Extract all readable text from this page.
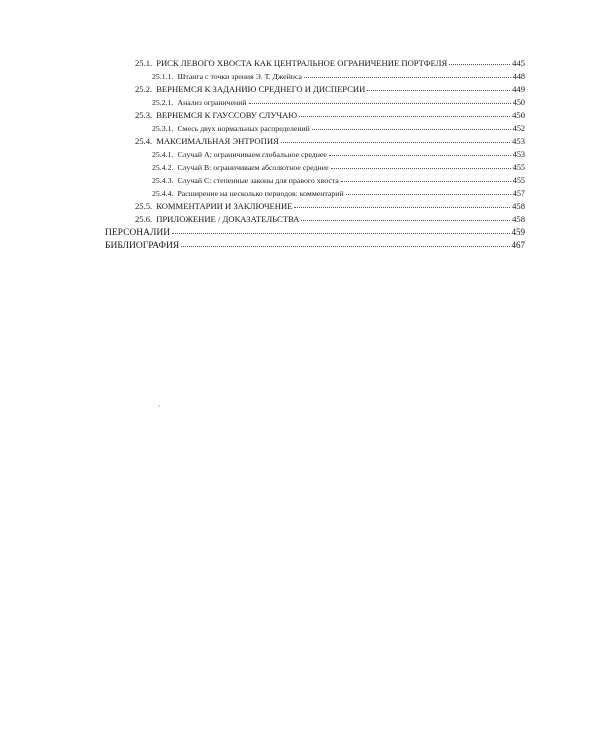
25.1. РИСК ЛЕВОГО ХВОСТА КАК ЦЕНТРАЛЬНОЕ ОГРАНИЧЕНИЕ ПОРТФЕЛЯ	445
25.1.1. Штанга с точки зрения Э. Т. Джейнса	448
25.2. ВЕРНЕМСЯ К ЗАДАНИЮ СРЕДНЕГО И ДИСПЕРСИИ	449
25.2.1. Анализ ограничений	450
25.3. ВЕРНЕМСЯ К ГАУССОВУ СЛУЧАЮ	450
25.3.1. Смесь двух нормальных распределений	452
25.4. МАКСИМАЛЬНАЯ ЭНТРОПИЯ	453
25.4.1. Случай А: ограничиваем глобальное среднее	453
25.4.2. Случай B: ограничиваем абсолютное среднее	455
25.4.3. Случай С: степенные законы для правого хвоста	455
25.4.4. Расширение на несколько периодов: комментарий	457
25.5. КОММЕНТАРИИ И ЗАКЛЮЧЕНИЕ	458
25.6. ПРИЛОЖЕНИЕ / ДОКАЗАТЕЛЬСТВА	458
ПЕРСОНАЛИИ	459
БИБЛИОГРАФИЯ	467
